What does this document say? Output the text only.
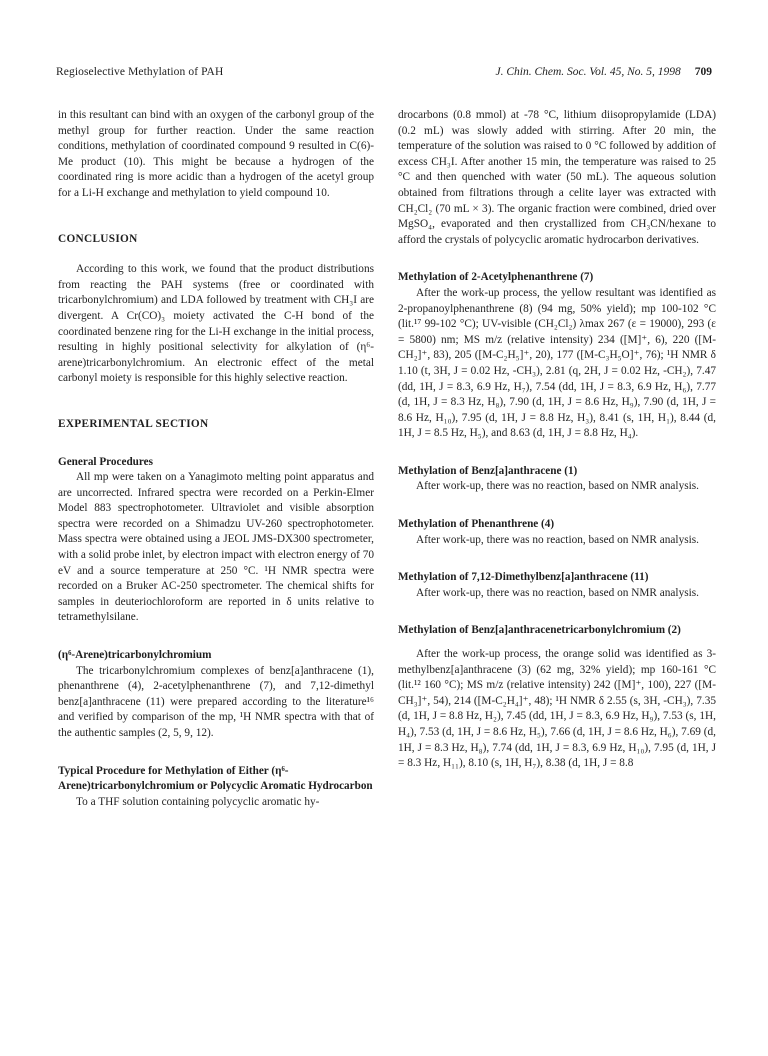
Regioselective Methylation of PAH	J. Chin. Chem. Soc. Vol. 45, No. 5, 1998 709

in this resultant can bind with an oxygen of the carbonyl group of the methyl group for further reaction. Under the same reaction conditions, methylation of coordinated compound 9 resulted in C(6)-Me product (10). This might be because a hydrogen of the coordinated ring is more acidic than a hydrogen of the acetyl group for a Li-H exchange and methylation to yield compound 10.

CONCLUSION

According to this work, we found that the product distributions from reacting the PAH systems (free or coordinated with tricarbonylchromium) and LDA followed by treatment with CH₃I are divergent. A Cr(CO)₃ moiety activated the C-H bond of the coordinated benzene ring for the Li-H exchange in the initial process, resulting in highly positional selectivity for alkylation of (η⁶-arene)tricarbonylchromium. An electronic effect of the metal carbonyl moiety is responsible for this highly selective reaction.

EXPERIMENTAL SECTION
General Procedures

All mp were taken on a Yanagimoto melting point apparatus and are uncorrected. Infrared spectra were recorded on a Perkin-Elmer Model 883 spectrophotometer. Ultraviolet and visible absorption spectra were recorded on a Shimadzu UV-260 spectrophotometer. Mass spectra were obtained using a JEOL JMS-DX300 spectrometer, with a solid probe inlet, by electron impact with electron energy of 70 eV and a source temperature at 250 °C. ¹H NMR spectra were recorded on a Bruker AC-250 spectrometer. The chemical shifts for samples in deuteriochloroform are reported in δ units relative to tetramethylsilane.

(η⁶-Arene)tricarbonylchromium

The tricarbonylchromium complexes of benz[a]anthracene (1), phenanthrene (4), 2-acetylphenanthrene (7), and 7,12-dimethyl benz[a]anthracene (11) were prepared according to the literature¹⁶ and verified by comparison of the mp, ¹H NMR spectra with that of the authentic samples (2, 5, 9, 12).

Typical Procedure for Methylation of Either (η⁶-Arene)tricarbonylchromium or Polycyclic Aromatic Hydrocarbon

To a THF solution containing polycyclic aromatic hy-

drocarbons (0.8 mmol) at -78 °C, lithium diisopropylamide (LDA) (0.2 mL) was slowly added with stirring. After 20 min, the temperature of the solution was raised to 0 °C followed by addition of excess CH₃I. After another 15 min, the temperature was raised to 25 °C and then quenched with water (50 mL). The aqueous solution obtained from filtrations through a celite layer was extracted with CH₂Cl₂ (70 mL × 3). The organic fraction were combined, dried over MgSO₄, evaporated and then crystallized from CH₃CN/hexane to afford the crystals of polycyclic aromatic hydrocarbon derivatives.

Methylation of 2-Acetylphenanthrene (7)

After the work-up process, the yellow resultant was identified as 2-propanoylphenanthrene (8) (94 mg, 50% yield); mp 100-102 °C (lit.¹⁷ 99-102 °C); UV-visible (CH₂Cl₂) λmax 267 (ε = 19000), 293 (ε = 5800) nm; MS m/z (relative intensity) 234 ([M]⁺, 6), 220 ([M-CH₂]⁺, 83), 205 ([M-C₂H₅]⁺, 20), 177 ([M-C₃H₅O]⁺, 76); ¹H NMR δ 1.10 (t, 3H, J = 0.02 Hz, -CH₃), 2.81 (q, 2H, J = 0.02 Hz, -CH₂), 7.47 (dd, 1H, J = 8.3, 6.9 Hz, H₇), 7.54 (dd, 1H, J = 8.3, 6.9 Hz, H₆), 7.77 (d, 1H, J = 8.3 Hz, H₈), 7.90 (d, 1H, J = 8.6 Hz, H₉), 7.90 (d, 1H, J = 8.6 Hz, H₁₀), 7.95 (d, 1H, J = 8.8 Hz, H₃), 8.41 (s, 1H, H₁), 8.44 (d, 1H, J = 8.5 Hz, H₅), and 8.63 (d, 1H, J = 8.8 Hz, H₄).

Methylation of Benz[a]anthracene (1)

After work-up, there was no reaction, based on NMR analysis.

Methylation of Phenanthrene (4)

After work-up, there was no reaction, based on NMR analysis.

Methylation of 7,12-Dimethylbenz[a]anthracene (11)

After work-up, there was no reaction, based on NMR analysis.

Methylation of Benz[a]anthracenetricarbonylchromium (2)

After the work-up process, the orange solid was identified as 3-methylbenz[a]anthracene (3) (62 mg, 32% yield); mp 160-161 °C (lit.¹² 160 °C); MS m/z (relative intensity) 242 ([M]⁺, 100), 227 ([M-CH₃]⁺, 54), 214 ([M-C₂H₄]⁺, 48); ¹H NMR δ 2.55 (s, 3H, -CH₃), 7.35 (d, 1H, J = 8.8 Hz, H₂), 7.45 (dd, 1H, J = 8.3, 6.9 Hz, H₉), 7.53 (s, 1H, H₄), 7.53 (d, 1H, J = 8.6 Hz, H₅), 7.66 (d, 1H, J = 8.6 Hz, H₆), 7.69 (d, 1H, J = 8.3 Hz, H₈), 7.74 (dd, 1H, J = 8.3, 6.9 Hz, H₁₀), 7.95 (d, 1H, J = 8.3 Hz, H₁₁), 8.10 (s, 1H, H₇), 8.38 (d, 1H, J = 8.8
